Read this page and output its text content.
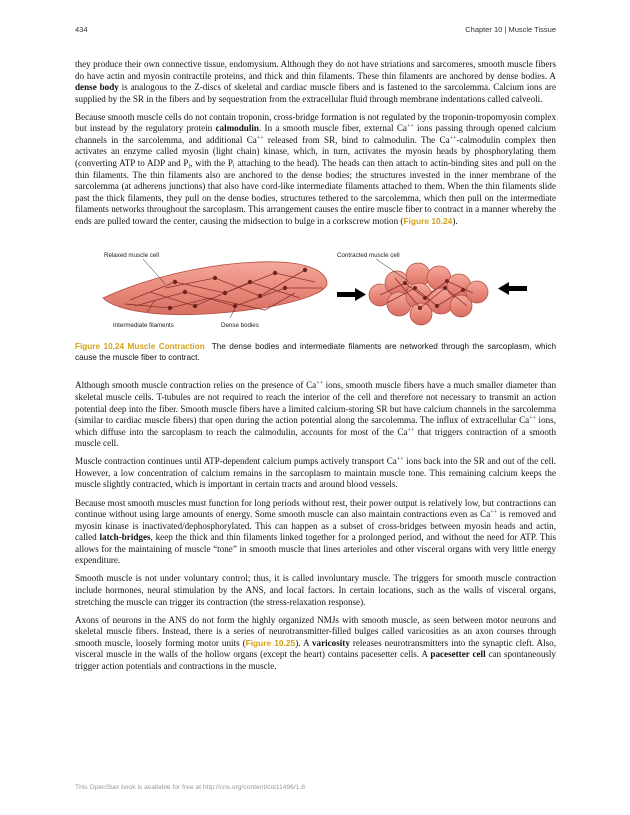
434	Chapter 10 | Muscle Tissue

they produce their own connective tissue, endomysium. Although they do not have striations and sarcomeres, smooth muscle fibers do have actin and myosin contractile proteins, and thick and thin filaments. These thin filaments are anchored by dense bodies. A dense body is analogous to the Z-discs of skeletal and cardiac muscle fibers and is fastened to the sarcolemma. Calcium ions are supplied by the SR in the fibers and by sequestration from the extracellular fluid through membrane indentations called calveoli.

Because smooth muscle cells do not contain troponin, cross-bridge formation is not regulated by the troponin-tropomyosin complex but instead by the regulatory protein calmodulin. In a smooth muscle fiber, external Ca++ ions passing through opened calcium channels in the sarcolemma, and additional Ca++ released from SR, bind to calmodulin. The Ca++-calmodulin complex then activates an enzyme called myosin (light chain) kinase, which, in turn, activates the myosin heads by phosphorylating them (converting ATP to ADP and $P_i$, with the $P_i$ attaching to the head). The heads can then attach to actin-binding sites and pull on the thin filaments. The thin filaments also are anchored to the dense bodies; the structures invested in the inner membrane of the sarcolemma (at adherens junctions) that also have cord-like intermediate filaments attached to them. When the thin filaments slide past the thick filaments, they pull on the dense bodies, structures tethered to the sarcolemma, which then pull on the intermediate filaments networks throughout the sarcoplasm. This arrangement causes the entire muscle fiber to contract in a manner whereby the ends are pulled toward the center, causing the midsection to bulge in a corkscrew motion (Figure 10.24).

Relaxed muscle cell
Intermediate filaments	Dense bodies
Contracted muscle cell
Figure 10.24 Muscle Contraction The dense bodies and intermediate filaments are networked through the sarcoplasm, which cause the muscle fiber to contract.

Although smooth muscle contraction relies on the presence of Ca++ ions, smooth muscle fibers have a much smaller diameter than skeletal muscle cells. T-tubules are not required to reach the interior of the cell and therefore not necessary to transmit an action potential deep into the fiber. Smooth muscle fibers have a limited calcium-storing SR but have calcium channels in the sarcolemma (similar to cardiac muscle fibers) that open during the action potential along the sarcolemma. The influx of extracellular Ca++ ions, which diffuse into the sarcoplasm to reach the calmodulin, accounts for most of the Ca++ that triggers contraction of a smooth muscle cell.

Muscle contraction continues until ATP-dependent calcium pumps actively transport Ca++ ions back into the SR and out of the cell. However, a low concentration of calcium remains in the sarcoplasm to maintain muscle tone. This remaining calcium keeps the muscle slightly contracted, which is important in certain tracts and around blood vessels.

Because most smooth muscles must function for long periods without rest, their power output is relatively low, but contractions can continue without using large amounts of energy. Some smooth muscle can also maintain contractions even as Ca++ is removed and myosin kinase is inactivated/dephosphorylated. This can happen as a subset of cross-bridges between myosin heads and actin, called latch-bridges, keep the thick and thin filaments linked together for a prolonged period, and without the need for ATP. This allows for the maintaining of muscle “tone” in smooth muscle that lines arterioles and other visceral organs with very little energy expenditure.

Smooth muscle is not under voluntary control; thus, it is called involuntary muscle. The triggers for smooth muscle contraction include hormones, neural stimulation by the ANS, and local factors. In certain locations, such as the walls of visceral organs, stretching the muscle can trigger its contraction (the stress-relaxation response).

Axons of neurons in the ANS do not form the highly organized NMJs with smooth muscle, as seen between motor neurons and skeletal muscle fibers. Instead, there is a series of neurotransmitter-filled bulges called varicosities as an axon courses through smooth muscle, loosely forming motor units (Figure 10.25). A varicosity releases neurotransmitters into the synaptic cleft. Also, visceral muscle in the walls of the hollow organs (except the heart) contains pacesetter cells. A pacesetter cell can spontaneously trigger action potentials and contractions in the muscle.

This OpenStax book is available for free at http://cnx.org/content/col11496/1.8
